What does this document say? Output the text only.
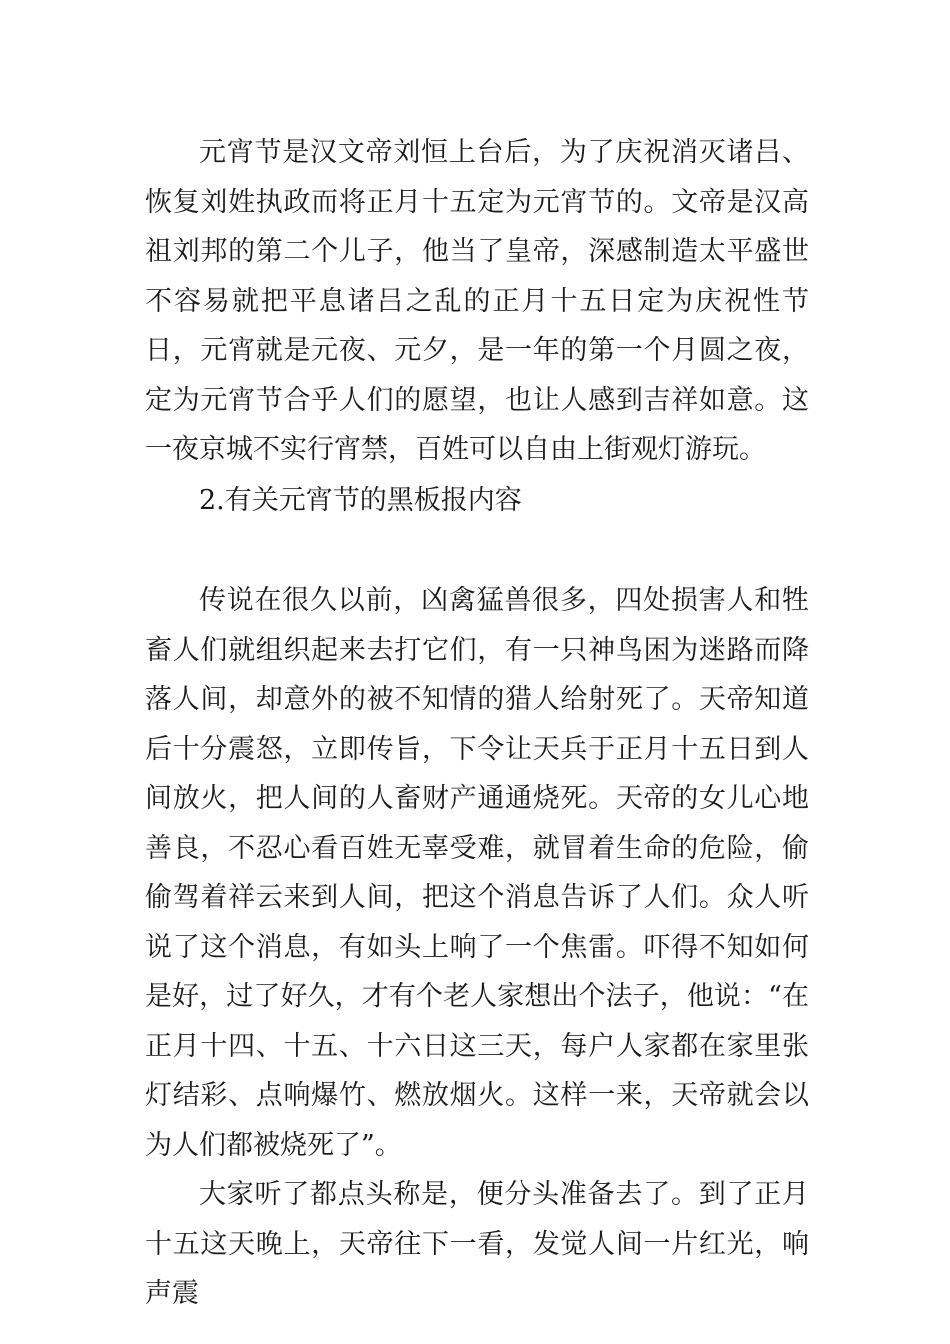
元宵节是汉文帝刘恒上台后，为了庆祝消灭诸吕、恢复刘姓执政而将正月十五定为元宵节的。文帝是汉高祖刘邦的第二个儿子，他当了皇帝，深感制造太平盛世不容易就把平息诸吕之乱的正月十五日定为庆祝性节日，元宵就是元夜、元夕，是一年的第一个月圆之夜，定为元宵节合乎人们的愿望，也让人感到吉祥如意。这一夜京城不实行宵禁，百姓可以自由上街观灯游玩。

2.有关元宵节的黑板报内容

传说在很久以前，凶禽猛兽很多，四处损害人和牲畜人们就组织起来去打它们，有一只神鸟困为迷路而降落人间，却意外的被不知情的猎人给射死了。天帝知道后十分震怒，立即传旨，下令让天兵于正月十五日到人间放火，把人间的人畜财产通通烧死。天帝的女儿心地善良，不忍心看百姓无辜受难，就冒着生命的危险，偷偷驾着祥云来到人间，把这个消息告诉了人们。众人听说了这个消息，有如头上响了一个焦雷。吓得不知如何是好，过了好久，才有个老人家想出个法子，他说：“在正月十四、十五、十六日这三天，每户人家都在家里张灯结彩、点响爆竹、燃放烟火。这样一来，天帝就会以为人们都被烧死了”。

大家听了都点头称是，便分头准备去了。到了正月十五这天晚上，天帝往下一看，发觉人间一片红光，响声震
